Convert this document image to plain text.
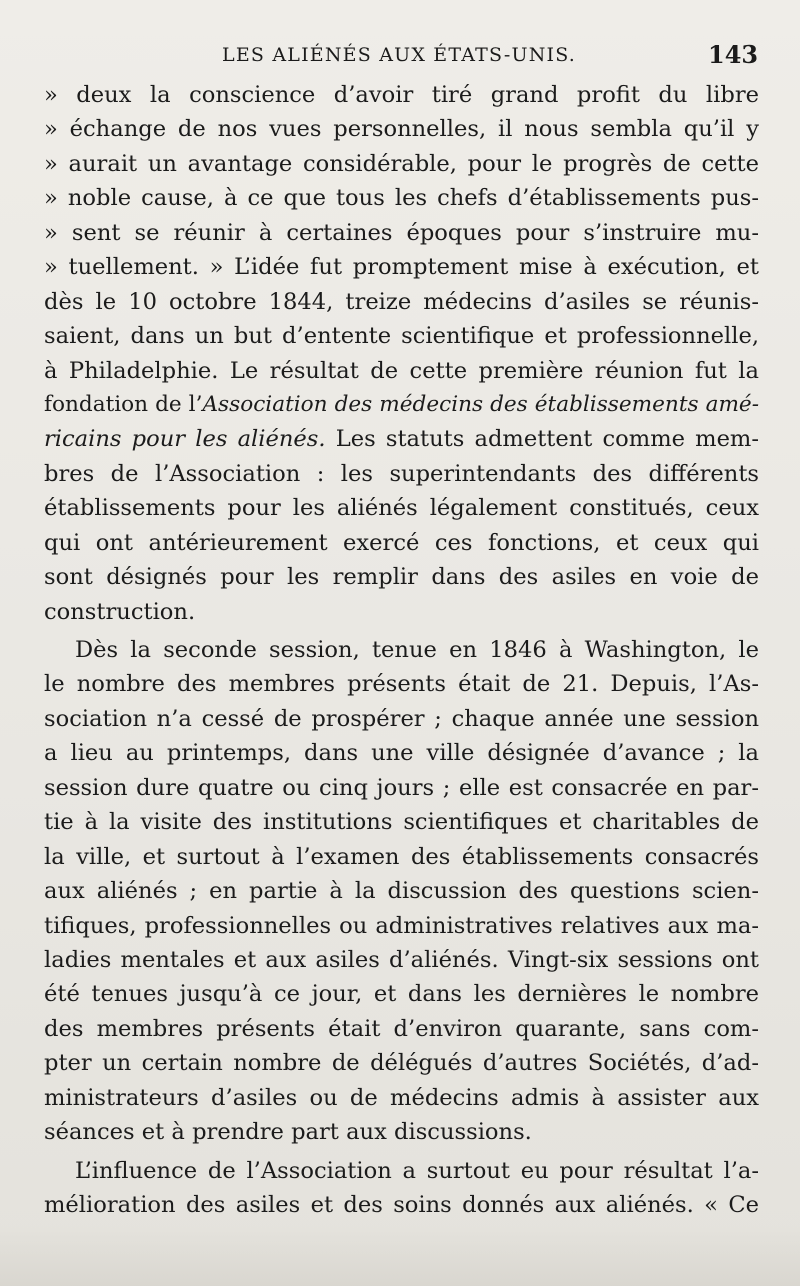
LES ALIÉNÉS AUX ÉTATS-UNIS.	143
» deux la conscience d’avoir tiré grand profit du libre
» échange de nos vues personnelles, il nous sembla qu’il y
» aurait un avantage considérable, pour le progrès de cette
» noble cause, à ce que tous les chefs d’établissements pus-
» sent se réunir à certaines époques pour s’instruire mu-
» tuellement. » L’idée fut promptement mise à exécution, et
dès le 10 octobre 1844, treize médecins d’asiles se réunis-
saient, dans un but d’entente scientifique et professionnelle,
à Philadelphie. Le résultat de cette première réunion fut la
fondation de l’Association des médecins des établissements amé-
ricains pour les aliénés. Les statuts admettent comme mem-
bres de l’Association : les superintendants des différents
établissements pour les aliénés légalement constitués, ceux
qui ont antérieurement exercé ces fonctions, et ceux qui
sont désignés pour les remplir dans des asiles en voie de
construction.
Dès la seconde session, tenue en 1846 à Washington, le
le nombre des membres présents était de 21. Depuis, l’As-
sociation n’a cessé de prospérer ; chaque année une session
a lieu au printemps, dans une ville désignée d’avance ; la
session dure quatre ou cinq jours ; elle est consacrée en par-
tie à la visite des institutions scientifiques et charitables de
la ville, et surtout à l’examen des établissements consacrés
aux aliénés ; en partie à la discussion des questions scien-
tifiques, professionnelles ou administratives relatives aux ma-
ladies mentales et aux asiles d’aliénés. Vingt-six sessions ont
été tenues jusqu’à ce jour, et dans les dernières le nombre
des membres présents était d’environ quarante, sans com-
pter un certain nombre de délégués d’autres Sociétés, d’ad-
ministrateurs d’asiles ou de médecins admis à assister aux
séances et à prendre part aux discussions.
L’influence de l’Association a surtout eu pour résultat l’a-
mélioration des asiles et des soins donnés aux aliénés. « Ce
